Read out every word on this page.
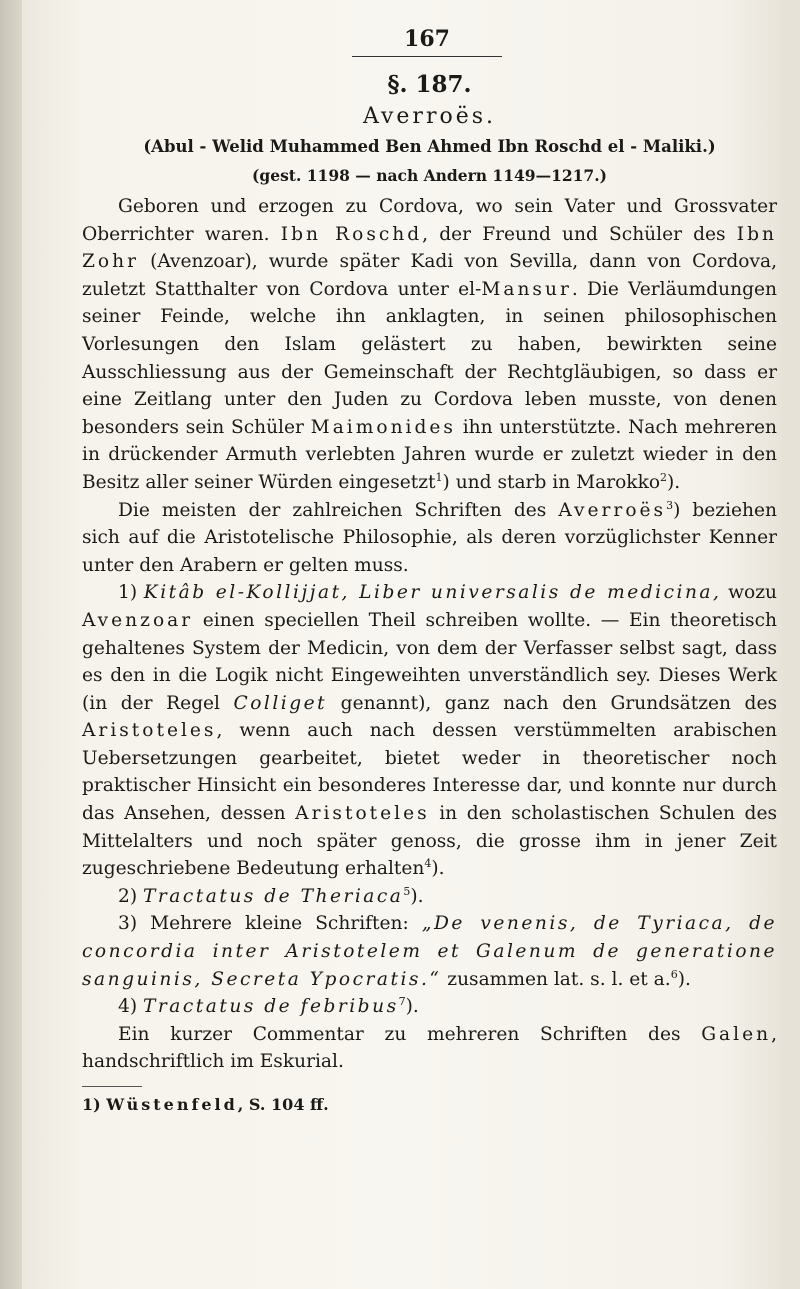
167
§. 187.
Averroës.
(Abul - Welid Muhammed Ben Ahmed Ibn Roschd el - Maliki.)
(gest. 1198 — nach Andern 1149—1217.)

Geboren und erzogen zu Cordova, wo sein Vater und Grossvater Oberrichter waren. Ibn Roschd, der Freund und Schüler des Ibn Zohr (Avenzoar), wurde später Kadi von Sevilla, dann von Cordova, zuletzt Statthalter von Cordova unter el-Mansur. Die Verläumdungen seiner Feinde, welche ihn anklagten, in seinen philosophischen Vorlesungen den Islam gelästert zu haben, bewirkten seine Ausschliessung aus der Gemeinschaft der Rechtgläubigen, so dass er eine Zeitlang unter den Juden zu Cordova leben musste, von denen besonders sein Schüler Maimonides ihn unterstützte. Nach mehreren in drückender Armuth verlebten Jahren wurde er zuletzt wieder in den Besitz aller seiner Würden eingesetzt$^1$) und starb in Marokko$^2$).

Die meisten der zahlreichen Schriften des Averroës$^3$) beziehen sich auf die Aristotelische Philosophie, als deren vorzüglichster Kenner unter den Arabern er gelten muss.

1) Kitâb el-Kollijjat, Liber universalis de medicina, wozu Avenzoar einen speciellen Theil schreiben wollte. — Ein theoretisch gehaltenes System der Medicin, von dem der Verfasser selbst sagt, dass es den in die Logik nicht Eingeweihten unverständlich sey. Dieses Werk (in der Regel Colliget genannt), ganz nach den Grundsätzen des Aristoteles, wenn auch nach dessen verstümmelten arabischen Uebersetzungen gearbeitet, bietet weder in theoretischer noch praktischer Hinsicht ein besonderes Interesse dar, und konnte nur durch das Ansehen, dessen Aristoteles in den scholastischen Schulen des Mittelalters und noch später genoss, die grosse ihm in jener Zeit zugeschriebene Bedeutung erhalten$^4$).

2) Tractatus de Theriaca$^5$).

3) Mehrere kleine Schriften: „De venenis, de Tyriaca, de concordia inter Aristotelem et Galenum de generatione sanguinis, Secreta Ypocratis.“ zusammen lat. s. l. et a.$^6$).

4) Tractatus de febribus$^7$).

Ein kurzer Commentar zu mehreren Schriften des Galen, handschriftlich im Eskurial.

1) Wüstenfeld, S. 104 ff.
